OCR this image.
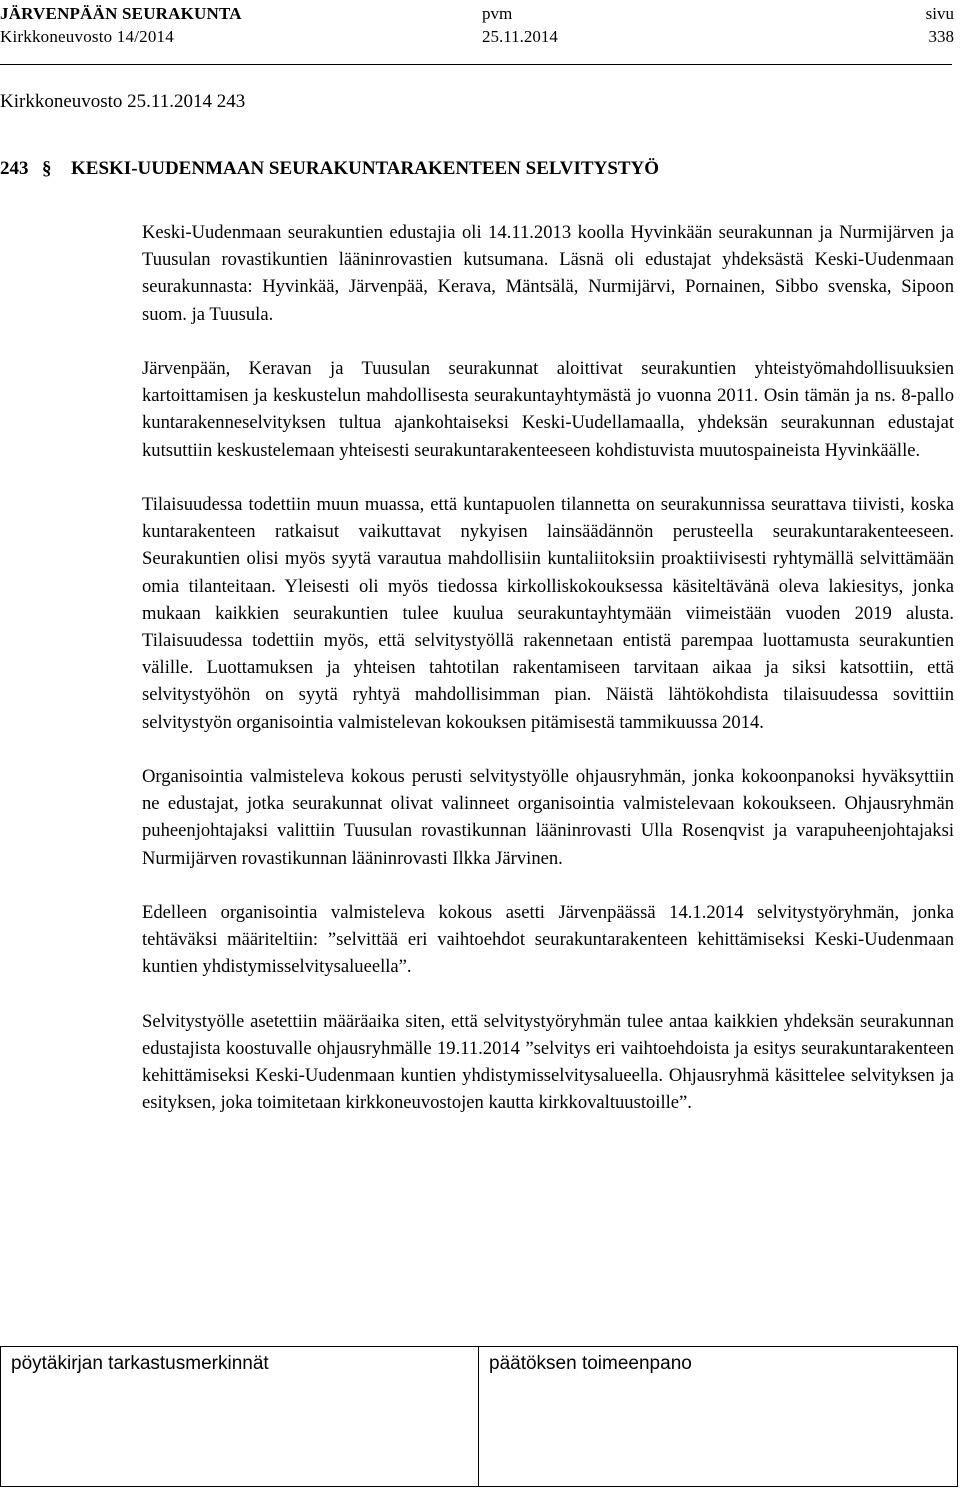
JÄRVENPÄÄN SEURAKUNTA	pvm	sivu
Kirkkoneuvosto 14/2014	25.11.2014	338
Kirkkoneuvosto 25.11.2014 243
243 § KESKI-UUDENMAAN SEURAKUNTARAKENTEEN SELVITYSTYÖ

Keski-Uudenmaan seurakuntien edustajia oli 14.11.2013 koolla Hyvinkään seurakunnan ja Nurmijärven ja Tuusulan rovastikuntien lääninrovastien kutsumana. Läsnä oli edustajat yhdeksästä Keski-Uudenmaan seurakunnasta: Hyvinkää, Järvenpää, Kerava, Mäntsälä, Nurmijärvi, Pornainen, Sibbo svenska, Sipoon suom. ja Tuusula.

Järvenpään, Keravan ja Tuusulan seurakunnat aloittivat seurakuntien yhteistyömahdollisuuksien kartoittamisen ja keskustelun mahdollisesta seurakuntayhtymästä jo vuonna 2011. Osin tämän ja ns. 8-pallo kuntarakenneselvityksen tultua ajankohtaiseksi Keski-Uudellamaalla, yhdeksän seurakunnan edustajat kutsuttiin keskustelemaan yhteisesti seurakuntarakenteeseen kohdistuvista muutospaineista Hyvinkäälle.

Tilaisuudessa todettiin muun muassa, että kuntapuolen tilannetta on seurakunnissa seurattava tiivisti, koska kuntarakenteen ratkaisut vaikuttavat nykyisen lainsäädännön perusteella seurakuntarakenteeseen. Seurakuntien olisi myös syytä varautua mahdollisiin kuntaliitoksiin proaktiivisesti ryhtymällä selvittämään omia tilanteitaan. Yleisesti oli myös tiedossa kirkolliskokouksessa käsiteltävänä oleva lakiesitys, jonka mukaan kaikkien seurakuntien tulee kuulua seurakuntayhtymään viimeistään vuoden 2019 alusta. Tilaisuudessa todettiin myös, että selvitystyöllä rakennetaan entistä parempaa luottamusta seurakuntien välille. Luottamuksen ja yhteisen tahtotilan rakentamiseen tarvitaan aikaa ja siksi katsottiin, että selvitystyöhön on syytä ryhtyä mahdollisimman pian. Näistä lähtökohdista tilaisuudessa sovittiin selvitystyön organisointia valmistelevan kokouksen pitämisestä tammikuussa 2014.

Organisointia valmisteleva kokous perusti selvitystyölle ohjausryhmän, jonka kokoonpanoksi hyväksyttiin ne edustajat, jotka seurakunnat olivat valinneet organisointia valmistelevaan kokoukseen. Ohjausryhmän puheenjohtajaksi valittiin Tuusulan rovastikunnan lääninrovasti Ulla Rosenqvist ja varapuheenjohtajaksi Nurmijärven rovastikunnan lääninrovasti Ilkka Järvinen.

Edelleen organisointia valmisteleva kokous asetti Järvenpäässä 14.1.2014 selvitystyöryhmän, jonka tehtäväksi määriteltiin: ”selvittää eri vaihtoehdot seurakuntarakenteen kehittämiseksi Keski-Uudenmaan kuntien yhdistymisselvitysalueella”.

Selvitystyölle asetettiin määräaika siten, että selvitystyöryhmän tulee antaa kaikkien yhdeksän seurakunnan edustajista koostuvalle ohjausryhmälle 19.11.2014 ”selvitys eri vaihtoehdoista ja esitys seurakuntarakenteen kehittämiseksi Keski-Uudenmaan kuntien yhdistymisselvitysalueella. Ohjausryhmä käsittelee selvityksen ja esityksen, joka toimitetaan kirkkoneuvostojen kautta kirkkovaltuustoille”.

pöytäkirjan tarkastusmerkinnät	päätöksen toimeenpano
